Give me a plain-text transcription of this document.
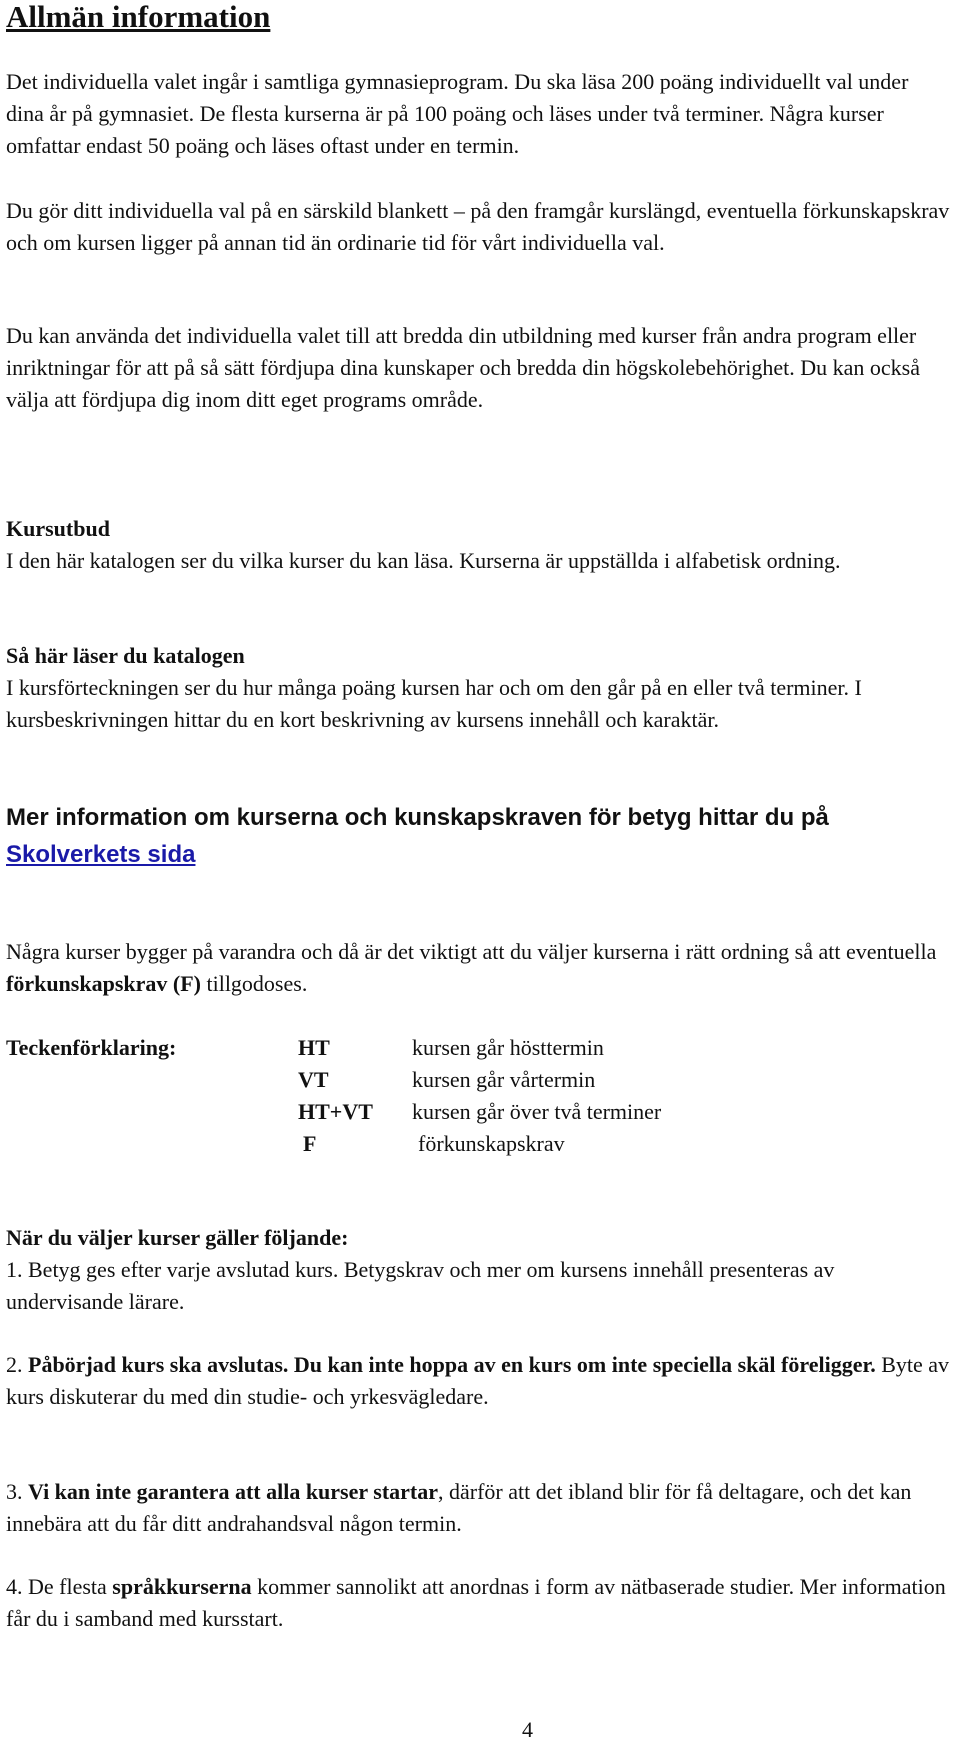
Allmän information

Det individuella valet ingår i samtliga gymnasieprogram. Du ska läsa 200 poäng individuellt val under dina år på gymnasiet. De flesta kurserna är på 100 poäng och läses under två terminer. Några kurser omfattar endast 50 poäng och läses oftast under en termin.

Du gör ditt individuella val på en särskild blankett – på den framgår kurslängd, eventuella förkunskapskrav och om kursen ligger på annan tid än ordinarie tid för vårt individuella val.

Du kan använda det individuella valet till att bredda din utbildning med kurser från andra program eller inriktningar för att på så sätt fördjupa dina kunskaper och bredda din högskolebehörighet. Du kan också välja att fördjupa dig inom ditt eget programs område.

Kursutbud
I den här katalogen ser du vilka kurser du kan läsa. Kurserna är uppställda i alfabetisk ordning.

Så här läser du katalogen
I kursförteckningen ser du hur många poäng kursen har och om den går på en eller två terminer. I kursbeskrivningen hittar du en kort beskrivning av kursens innehåll och karaktär.

Mer information om kurserna och kunskapskraven för betyg hittar du på
Skolverkets sida

Några kurser bygger på varandra och då är det viktigt att du väljer kurserna i rätt ordning så att eventuella förkunskapskrav (F) tillgodoses.

Teckenförklaring:	HT	kursen går hösttermin
VT	kursen går vårtermin
HT+VT kursen går över två terminer
F	förkunskapskrav

När du väljer kurser gäller följande:
1. Betyg ges efter varje avslutad kurs. Betygskrav och mer om kursens innehåll presenteras av undervisande lärare.

2. Påbörjad kurs ska avslutas. Du kan inte hoppa av en kurs om inte speciella skäl föreligger. Byte av kurs diskuterar du med din studie- och yrkesvägledare.

3. Vi kan inte garantera att alla kurser startar, därför att det ibland blir för få deltagare, och det kan innebära att du får ditt andrahandsval någon termin.

4. De flesta språkkurserna kommer sannolikt att anordnas i form av nätbaserade studier. Mer information får du i samband med kursstart.

4
